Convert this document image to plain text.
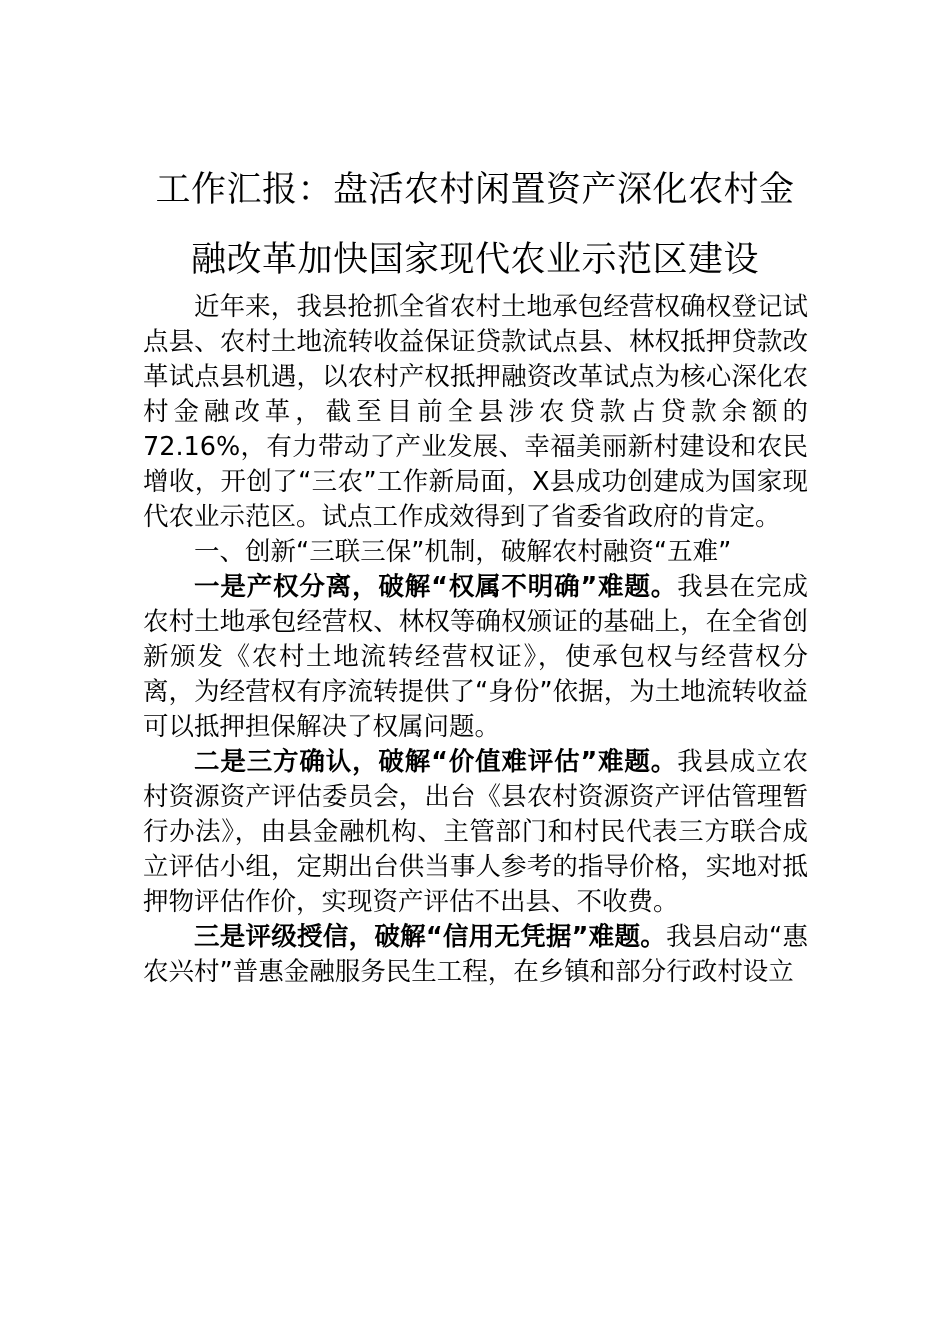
工作汇报：盘活农村闲置资产深化农村金
融改革加快国家现代农业示范区建设

近年来，我县抢抓全省农村土地承包经营权确权登记试点县、农村土地流转收益保证贷款试点县、林权抵押贷款改革试点县机遇，以农村产权抵押融资改革试点为核心深化农村金融改革，截至目前全县涉农贷款占贷款余额的72.16%，有力带动了产业发展、幸福美丽新村建设和农民增收，开创了“三农”工作新局面，X县成功创建成为国家现代农业示范区。试点工作成效得到了省委省政府的肯定。

一、创新“三联三保”机制，破解农村融资“五难”

一是产权分离，破解“权属不明确”难题。我县在完成农村土地承包经营权、林权等确权颁证的基础上，在全省创新颁发《农村土地流转经营权证》，使承包权与经营权分离，为经营权有序流转提供了“身份”依据，为土地流转收益可以抵押担保解决了权属问题。

二是三方确认，破解“价值难评估”难题。我县成立农村资源资产评估委员会，出台《县农村资源资产评估管理暂行办法》，由县金融机构、主管部门和村民代表三方联合成立评估小组，定期出台供当事人参考的指导价格，实地对抵押物评估作价，实现资产评估不出县、不收费。

三是评级授信，破解“信用无凭据”难题。我县启动“惠农兴村”普惠金融服务民生工程，在乡镇和部分行政村设立
